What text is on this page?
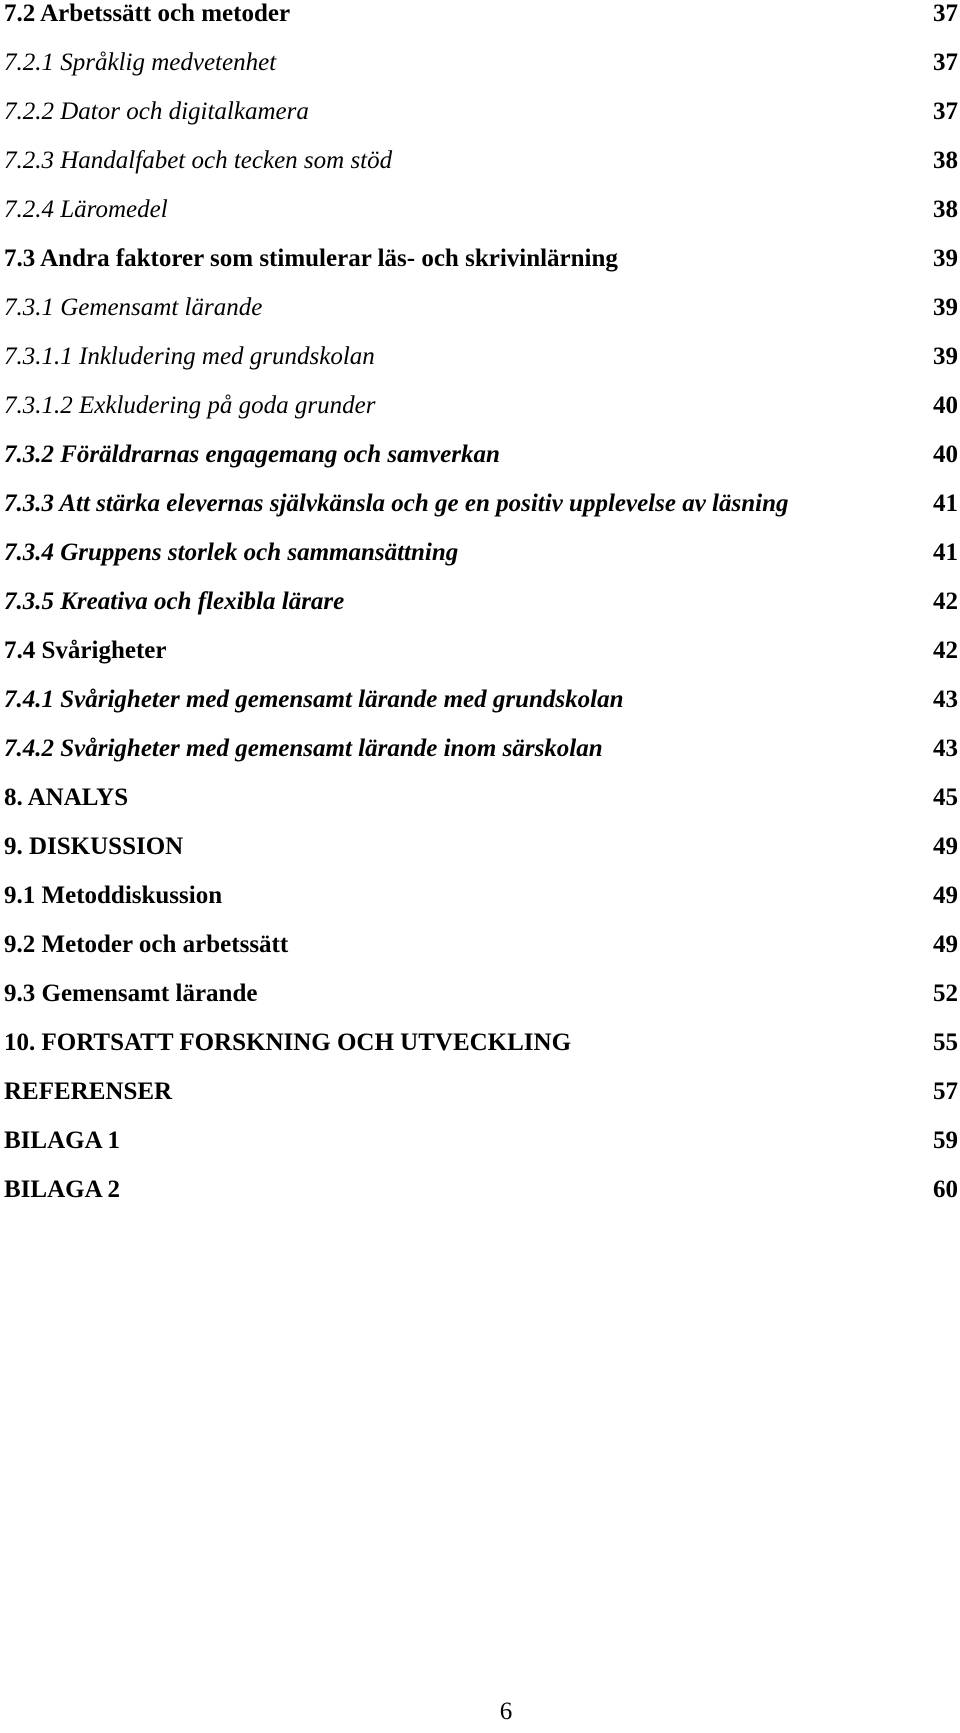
7.2 Arbetssätt och metoder	37
7.2.1 Språklig medvetenhet	37
7.2.2 Dator och digitalkamera	37
7.2.3 Handalfabet och tecken som stöd	38
7.2.4 Läromedel	38
7.3 Andra faktorer som stimulerar läs- och skrivinlärning	39
7.3.1 Gemensamt lärande	39
7.3.1.1 Inkludering med grundskolan	39
7.3.1.2 Exkludering på goda grunder	40
7.3.2 Föräldrarnas engagemang och samverkan	40
7.3.3 Att stärka elevernas självkänsla och ge en positiv upplevelse av läsning	41
7.3.4 Gruppens storlek och sammansättning	41
7.3.5 Kreativa och flexibla lärare	42
7.4 Svårigheter	42
7.4.1 Svårigheter med gemensamt lärande med grundskolan	43
7.4.2 Svårigheter med gemensamt lärande inom särskolan	43
8. ANALYS	45
9. DISKUSSION	49
9.1 Metoddiskussion	49
9.2 Metoder och arbetssätt	49
9.3 Gemensamt lärande	52
10. FORTSATT FORSKNING OCH UTVECKLING	55
REFERENSER	57
BILAGA 1	59
BILAGA 2	60
6
